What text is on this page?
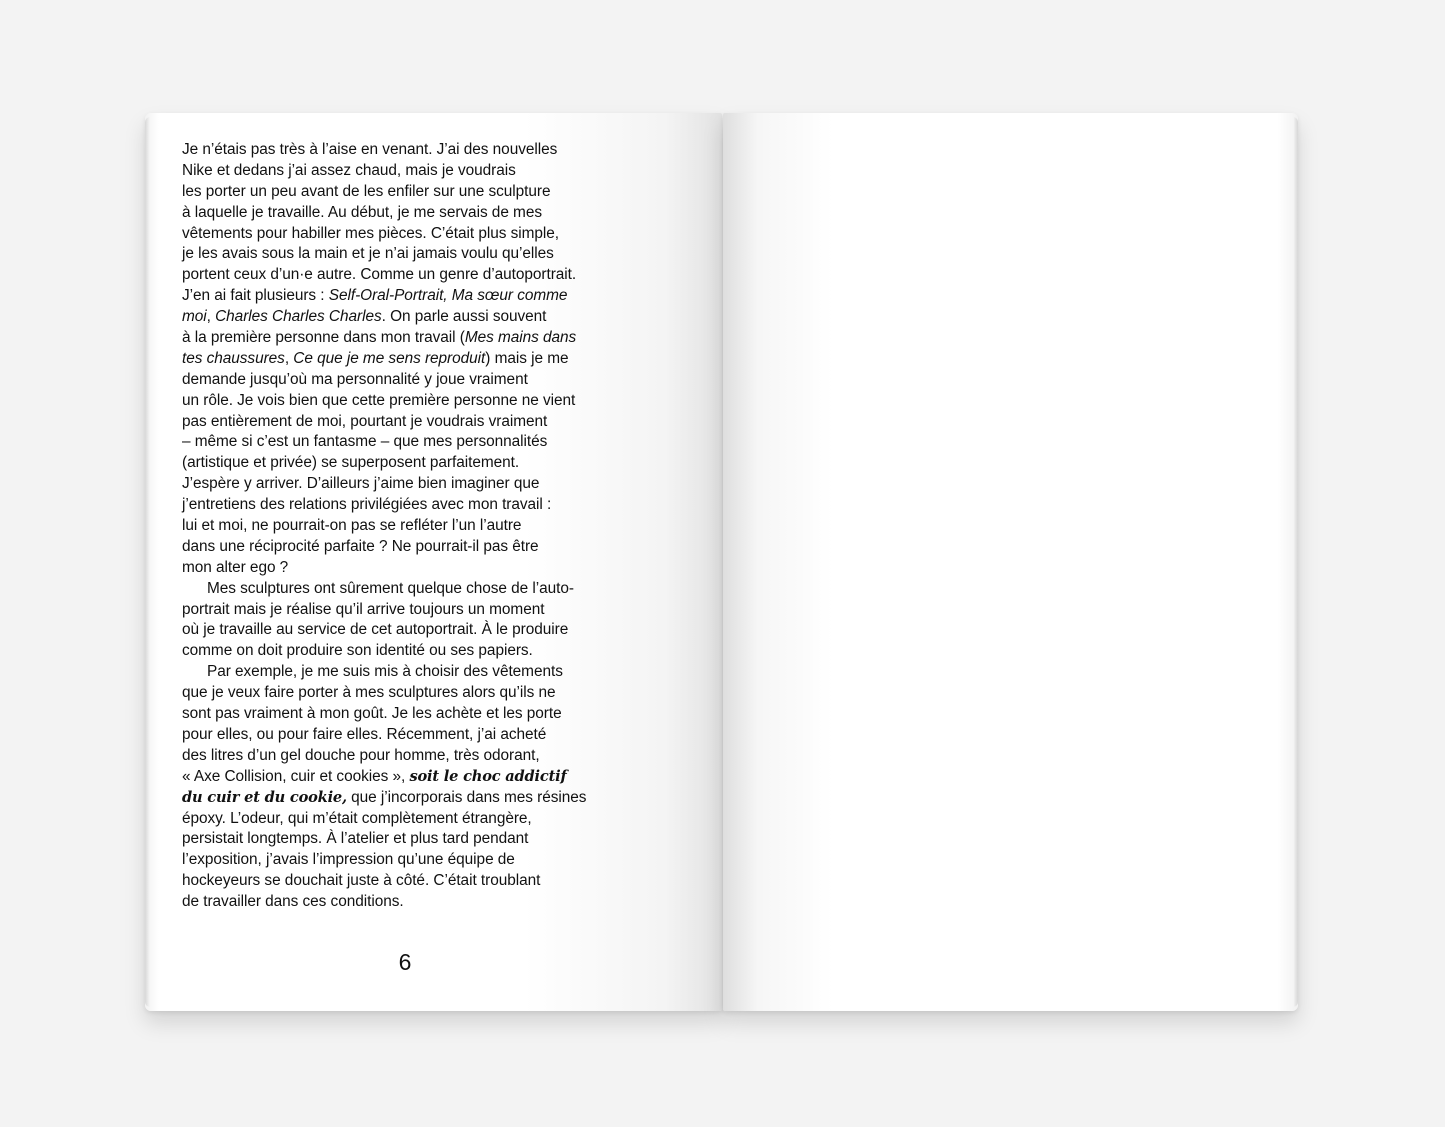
Je n’étais pas très à l’aise en venant. J’ai des nouvelles
Nike et dedans j’ai assez chaud, mais je voudrais
les porter un peu avant de les enfiler sur une sculpture
à laquelle je travaille. Au début, je me servais de mes
vêtements pour habiller mes pièces. C’était plus simple,
je les avais sous la main et je n’ai jamais voulu qu’elles
portent ceux d’un·e autre. Comme un genre d’autoportrait.
J’en ai fait plusieurs : Self-Oral-Portrait, Ma sœur comme
moi, Charles Charles Charles. On parle aussi souvent
à la première personne dans mon travail (Mes mains dans
tes chaussures, Ce que je me sens reproduit) mais je me
demande jusqu’où ma personnalité y joue vraiment
un rôle. Je vois bien que cette première personne ne vient
pas entièrement de moi, pourtant je voudrais vraiment
– même si c’est un fantasme – que mes personnalités
(artistique et privée) se superposent parfaitement.
J’espère y arriver. D’ailleurs j’aime bien imaginer que
j’entretiens des relations privilégiées avec mon travail :
lui et moi, ne pourrait-on pas se refléter l’un l’autre
dans une réciprocité parfaite ? Ne pourrait-il pas être
mon alter ego ?
Mes sculptures ont sûrement quelque chose de l’auto-
portrait mais je réalise qu’il arrive toujours un moment
où je travaille au service de cet autoportrait. À le produire
comme on doit produire son identité ou ses papiers.
Par exemple, je me suis mis à choisir des vêtements
que je veux faire porter à mes sculptures alors qu’ils ne
sont pas vraiment à mon goût. Je les achète et les porte
pour elles, ou pour faire elles. Récemment, j’ai acheté
des litres d’un gel douche pour homme, très odorant,
« Axe Collision, cuir et cookies », soit le choc addictif
du cuir et du cookie, que j’incorporais dans mes résines
époxy. L’odeur, qui m’était complètement étrangère,
persistait longtemps. À l’atelier et plus tard pendant
l’exposition, j’avais l’impression qu’une équipe de
hockeyeurs se douchait juste à côté. C’était troublant
de travailler dans ces conditions.
6
